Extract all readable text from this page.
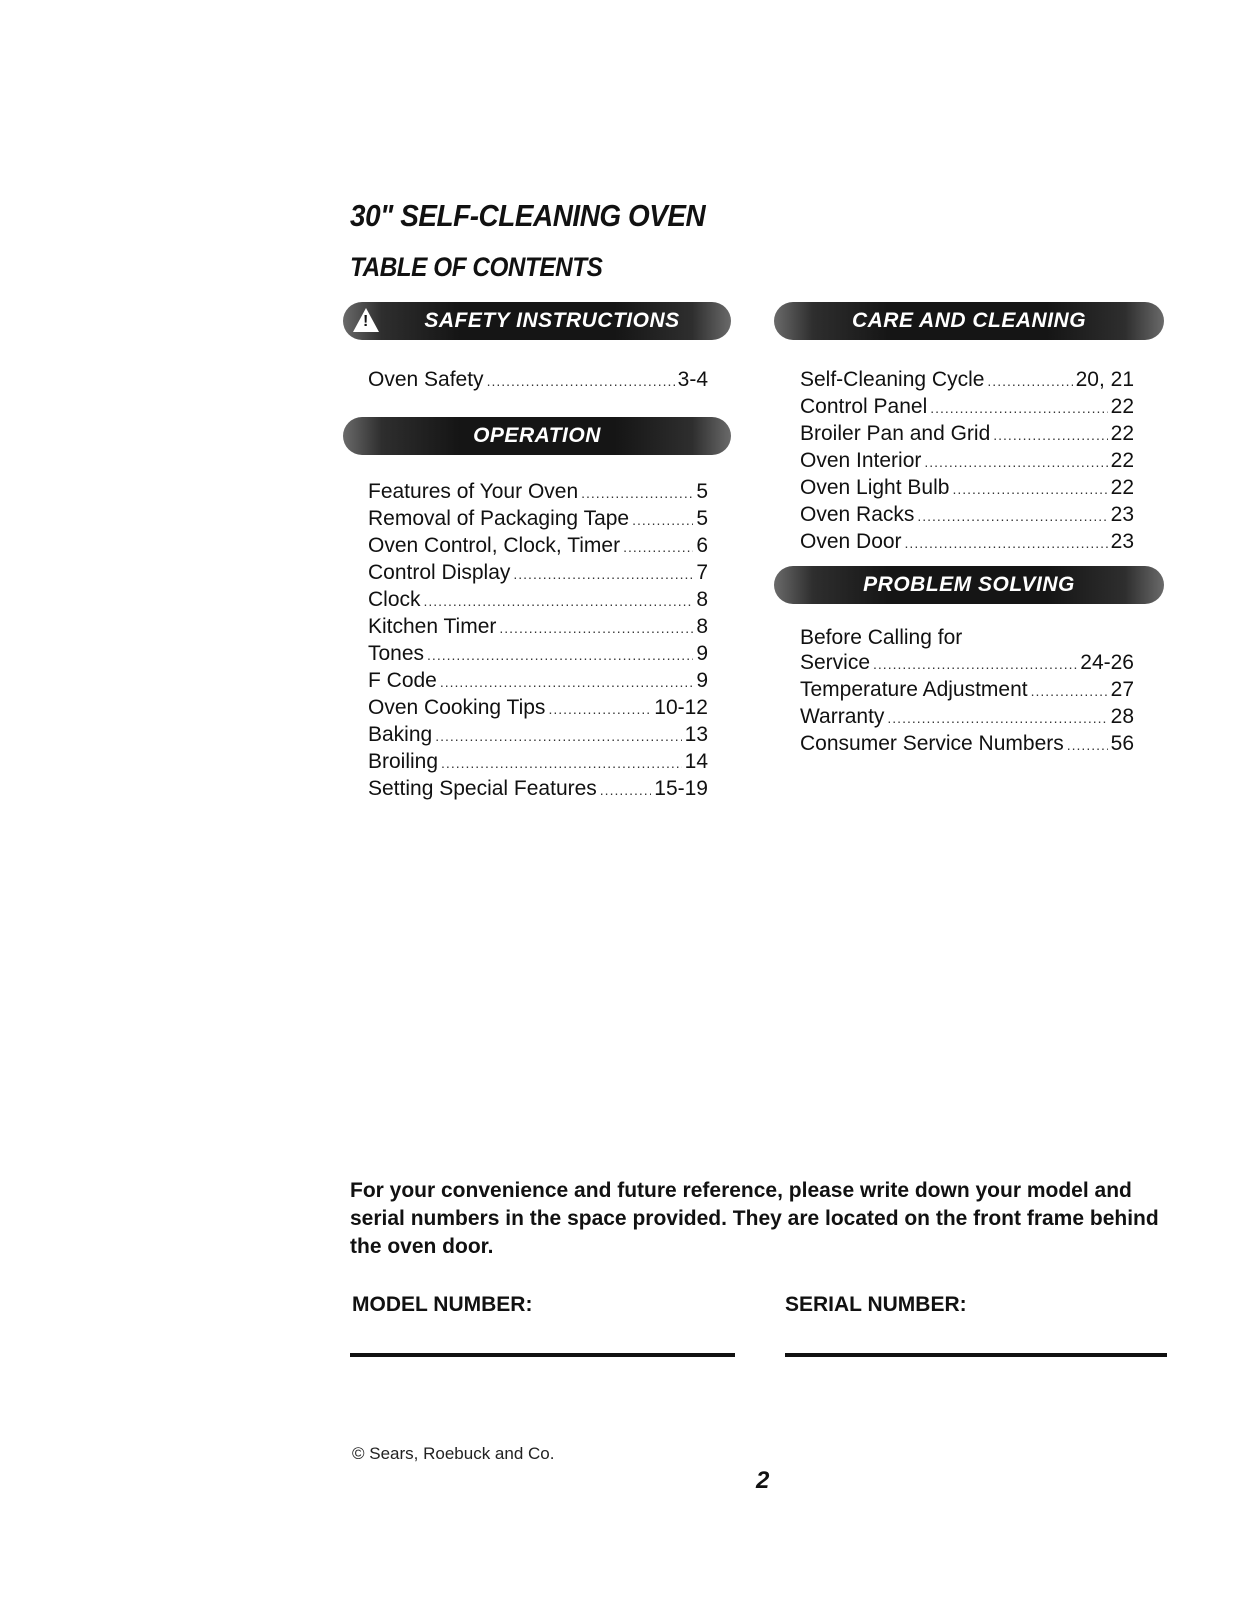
30" SELF-CLEANING OVEN
TABLE OF CONTENTS
!
SAFETY INSTRUCTIONS
Oven Safety .....	3-4
OPERATION
Features of Your Oven .....	5
Removal of Packaging Tape .....	5
Oven Control, Clock, Timer .....	6
Control Display .....	7
Clock .....	8
Kitchen Timer .....	8
Tones .....	9
F Code .....	9
Oven Cooking Tips .....	10-12
Baking .....	13
Broiling .....	14
Setting Special Features .....	15-19
CARE AND CLEANING
Self-Cleaning Cycle .....	20, 21
Control Panel .....	22
Broiler Pan and Grid .....	22
Oven Interior .....	22
Oven Light Bulb .....	22
Oven Racks .....	23
Oven Door .....	23
PROBLEM SOLVING
Before Calling for
Service .....	24-26
Temperature Adjustment .....	27
Warranty .....	28
Consumer Service Numbers ..... 56

For your convenience and future reference, please write down your model and serial numbers in the space provided. They are located on the front frame behind the oven door.

MODEL NUMBER:	SERIAL NUMBER:
© Sears, Roebuck and Co.
2
